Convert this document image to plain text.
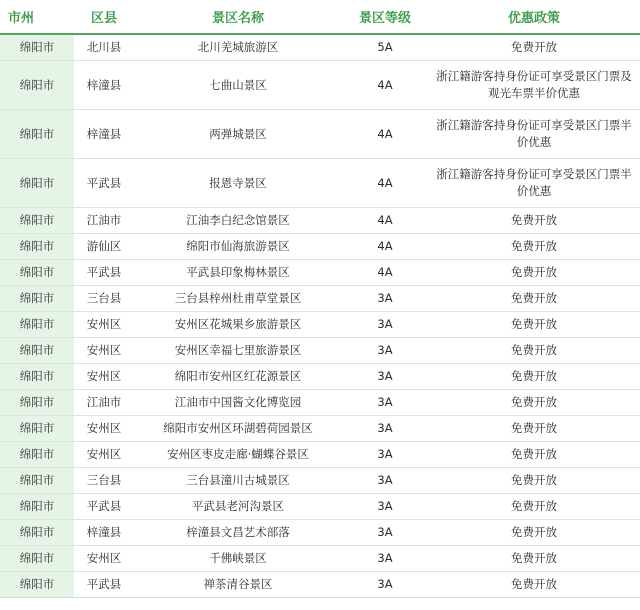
市州	区县	景区名称	景区等级	优惠政策
绵阳市	北川县	北川羌城旅游区	5A	免费开放
绵阳市	梓潼县	七曲山景区	4A	浙江籍游客持身份证可享受景区门票及观光车票半价优惠
绵阳市	梓潼县	两弹城景区	4A	浙江籍游客持身份证可享受景区门票半价优惠
绵阳市	平武县	报恩寺景区	4A	浙江籍游客持身份证可享受景区门票半价优惠
绵阳市	江油市	江油李白纪念馆景区	4A	免费开放
绵阳市	游仙区	绵阳市仙海旅游景区	4A	免费开放
绵阳市	平武县	平武县印象梅林景区	4A	免费开放
绵阳市	三台县	三台县梓州杜甫草堂景区	3A	免费开放
绵阳市	安州区	安州区花城果乡旅游景区	3A	免费开放
绵阳市	安州区	安州区幸福七里旅游景区	3A	免费开放
绵阳市	安州区	绵阳市安州区红花源景区	3A	免费开放
绵阳市	江油市	江油市中国酱文化博览园	3A	免费开放
绵阳市	安州区	绵阳市安州区环湖碧荷园景区	3A	免费开放
绵阳市	安州区	安州区枣皮走廊·蝴蝶谷景区	3A	免费开放
绵阳市	三台县	三台县潼川古城景区	3A	免费开放
绵阳市	平武县	平武县老河沟景区	3A	免费开放
绵阳市	梓潼县	梓潼县文昌艺术部落	3A	免费开放
绵阳市	安州区	千佛峡景区	3A	免费开放
绵阳市	平武县	禅茶清谷景区	3A	免费开放
